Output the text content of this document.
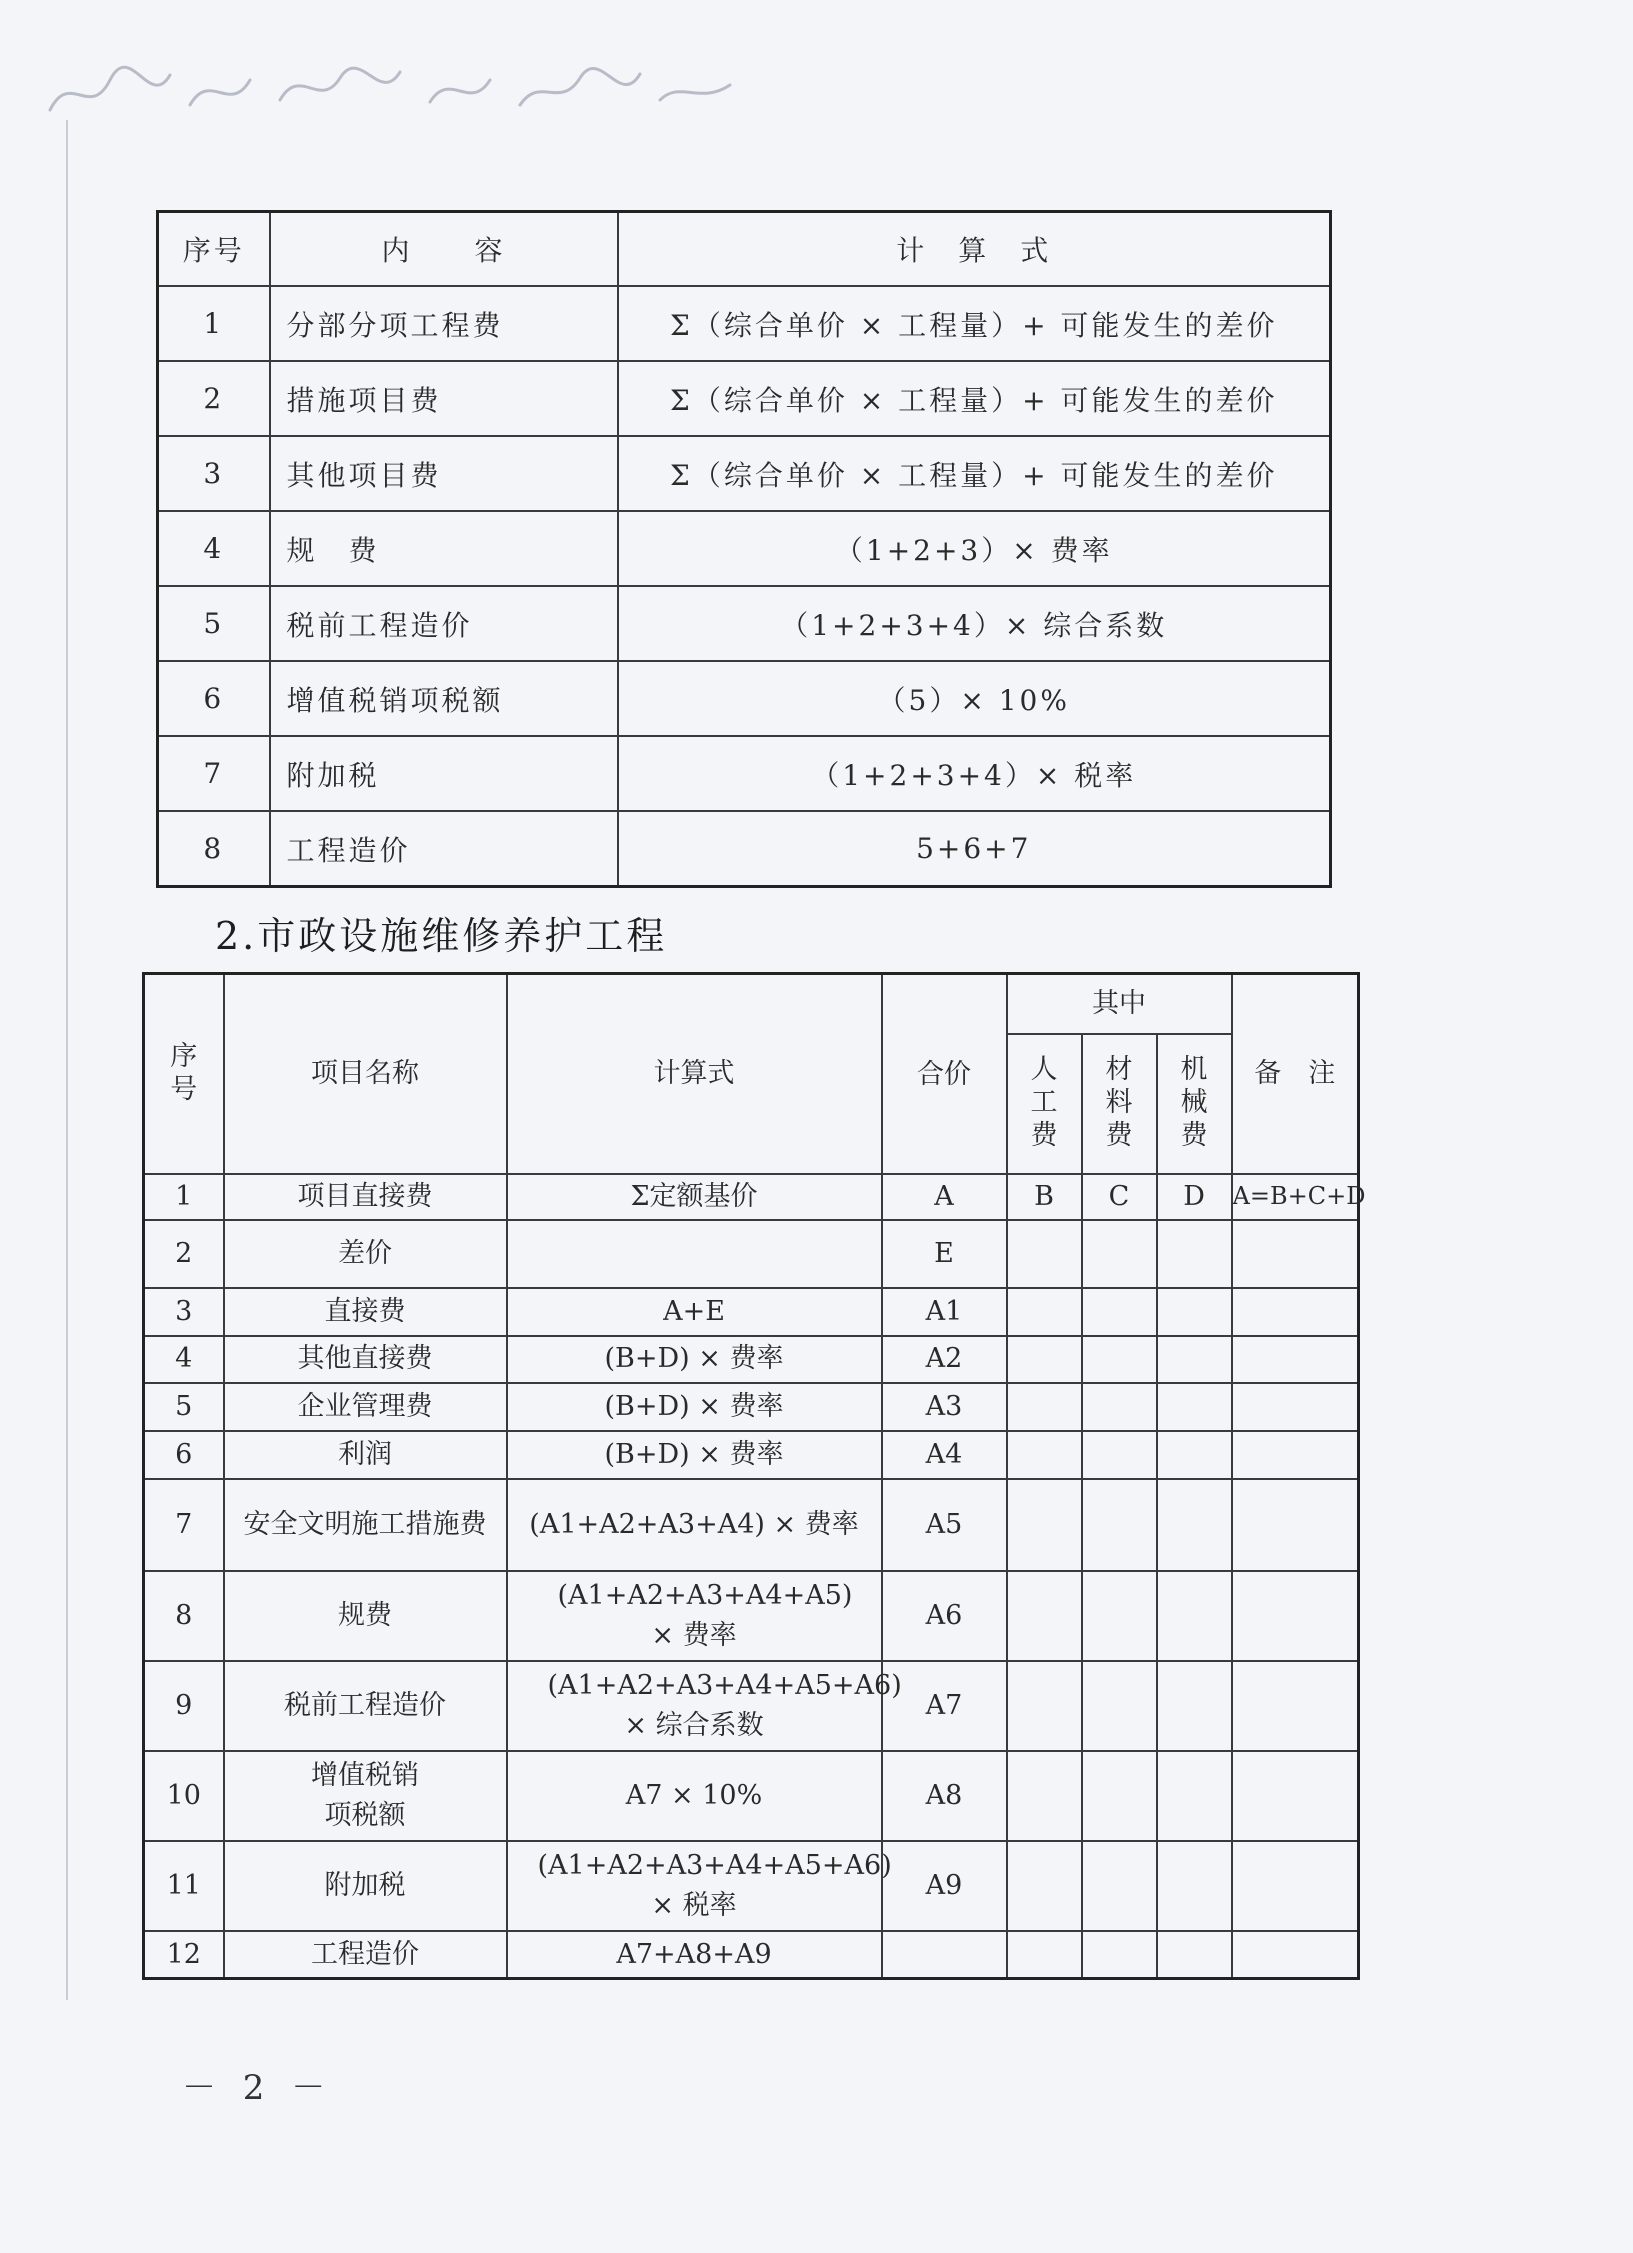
序号	内　　容	计　算　式
1	分部分项工程费	Σ（综合单价 × 工程量）+ 可能发生的差价
2	措施项目费	Σ（综合单价 × 工程量）+ 可能发生的差价
3	其他项目费	Σ（综合单价 × 工程量）+ 可能发生的差价
4	规费	（1+2+3）× 费率
5	税前工程造价	（1+2+3+4）× 综合系数
6	增值税销项税额	（5）× 10%
7	附加税	（1+2+3+4）× 税率
8	工程造价	5+6+7
2.市政设施维修养护工程
序号	项目名称	计算式	合价	其中			备　注
				人工费	材料费	机械费	
1	项目直接费	Σ定额基价	A	B	C	D	A=B+C+D
2	差价		E				
3	直接费	A+E	A1				
4	其他直接费	(B+D) × 费率	A2				
5	企业管理费	(B+D) × 费率	A3				
6	利润	(B+D) × 费率	A4				
7	安全文明施工措施费	(A1+A2+A3+A4) × 费率	A5				
8	规费	(A1+A2+A3+A4+A5) × 费率	A6				
9	税前工程造价	(A1+A2+A3+A4+A5+A6) × 综合系数	A7				
10	增值税销项税额	A7 × 10%	A8				
11	附加税	(A1+A2+A3+A4+A5+A6) × 税率	A9				
12	工程造价	A7+A8+A9					
－ 2 －
